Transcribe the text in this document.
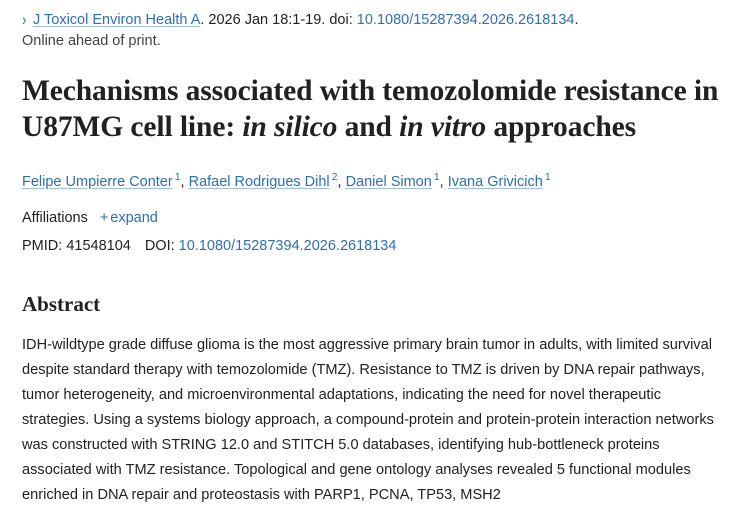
› J Toxicol Environ Health A. 2026 Jan 18:1-19. doi: 10.1080/15287394.2026.2618134.
Online ahead of print.
Mechanisms associated with temozolomide resistance in U87MG cell line: in silico and in vitro approaches
Felipe Umpierre Conter $^1$, Rafael Rodrigues Dihl $^2$, Daniel Simon $^1$, Ivana Grivicich $^1$
Affiliations + expand
PMID: 41548104 DOI: 10.1080/15287394.2026.2618134
Abstract
IDH-wildtype grade diffuse glioma is the most aggressive primary brain tumor in adults, with limited survival despite standard therapy with temozolomide (TMZ). Resistance to TMZ is driven by DNA repair pathways, tumor heterogeneity, and microenvironmental adaptations, indicating the need for novel therapeutic strategies. Using a systems biology approach, a compound-protein and protein-protein interaction networks was constructed with STRING 12.0 and STITCH 5.0 databases, identifying hub-bottleneck proteins associated with TMZ resistance. Topological and gene ontology analyses revealed 5 functional modules enriched in DNA repair and proteostasis with PARP1, PCNA, TP53, MSH2
